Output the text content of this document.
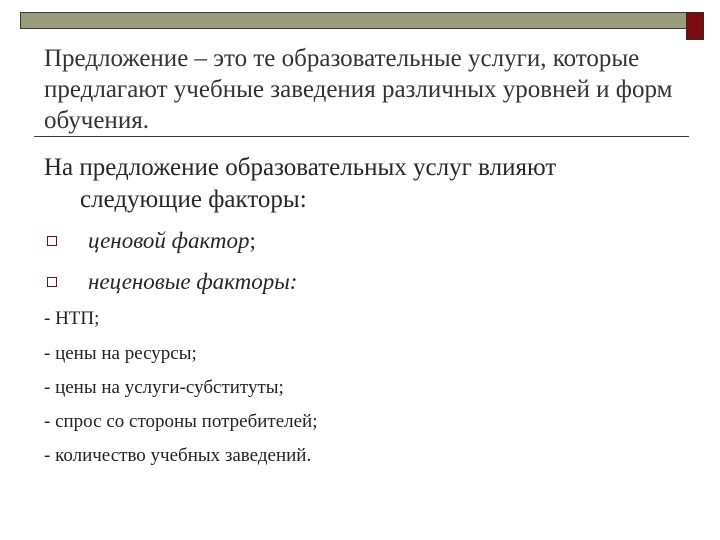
Предложение – это те образовательные услуги, которые предлагают учебные заведения различных уровней и форм обучения.
На предложение образовательных услуг влияют
следующие факторы:
ценовой фактор;
неценовые факторы:
- НТП;
- цены на ресурсы;
- цены на услуги-субституты;
- спрос со стороны потребителей;
- количество учебных заведений.
